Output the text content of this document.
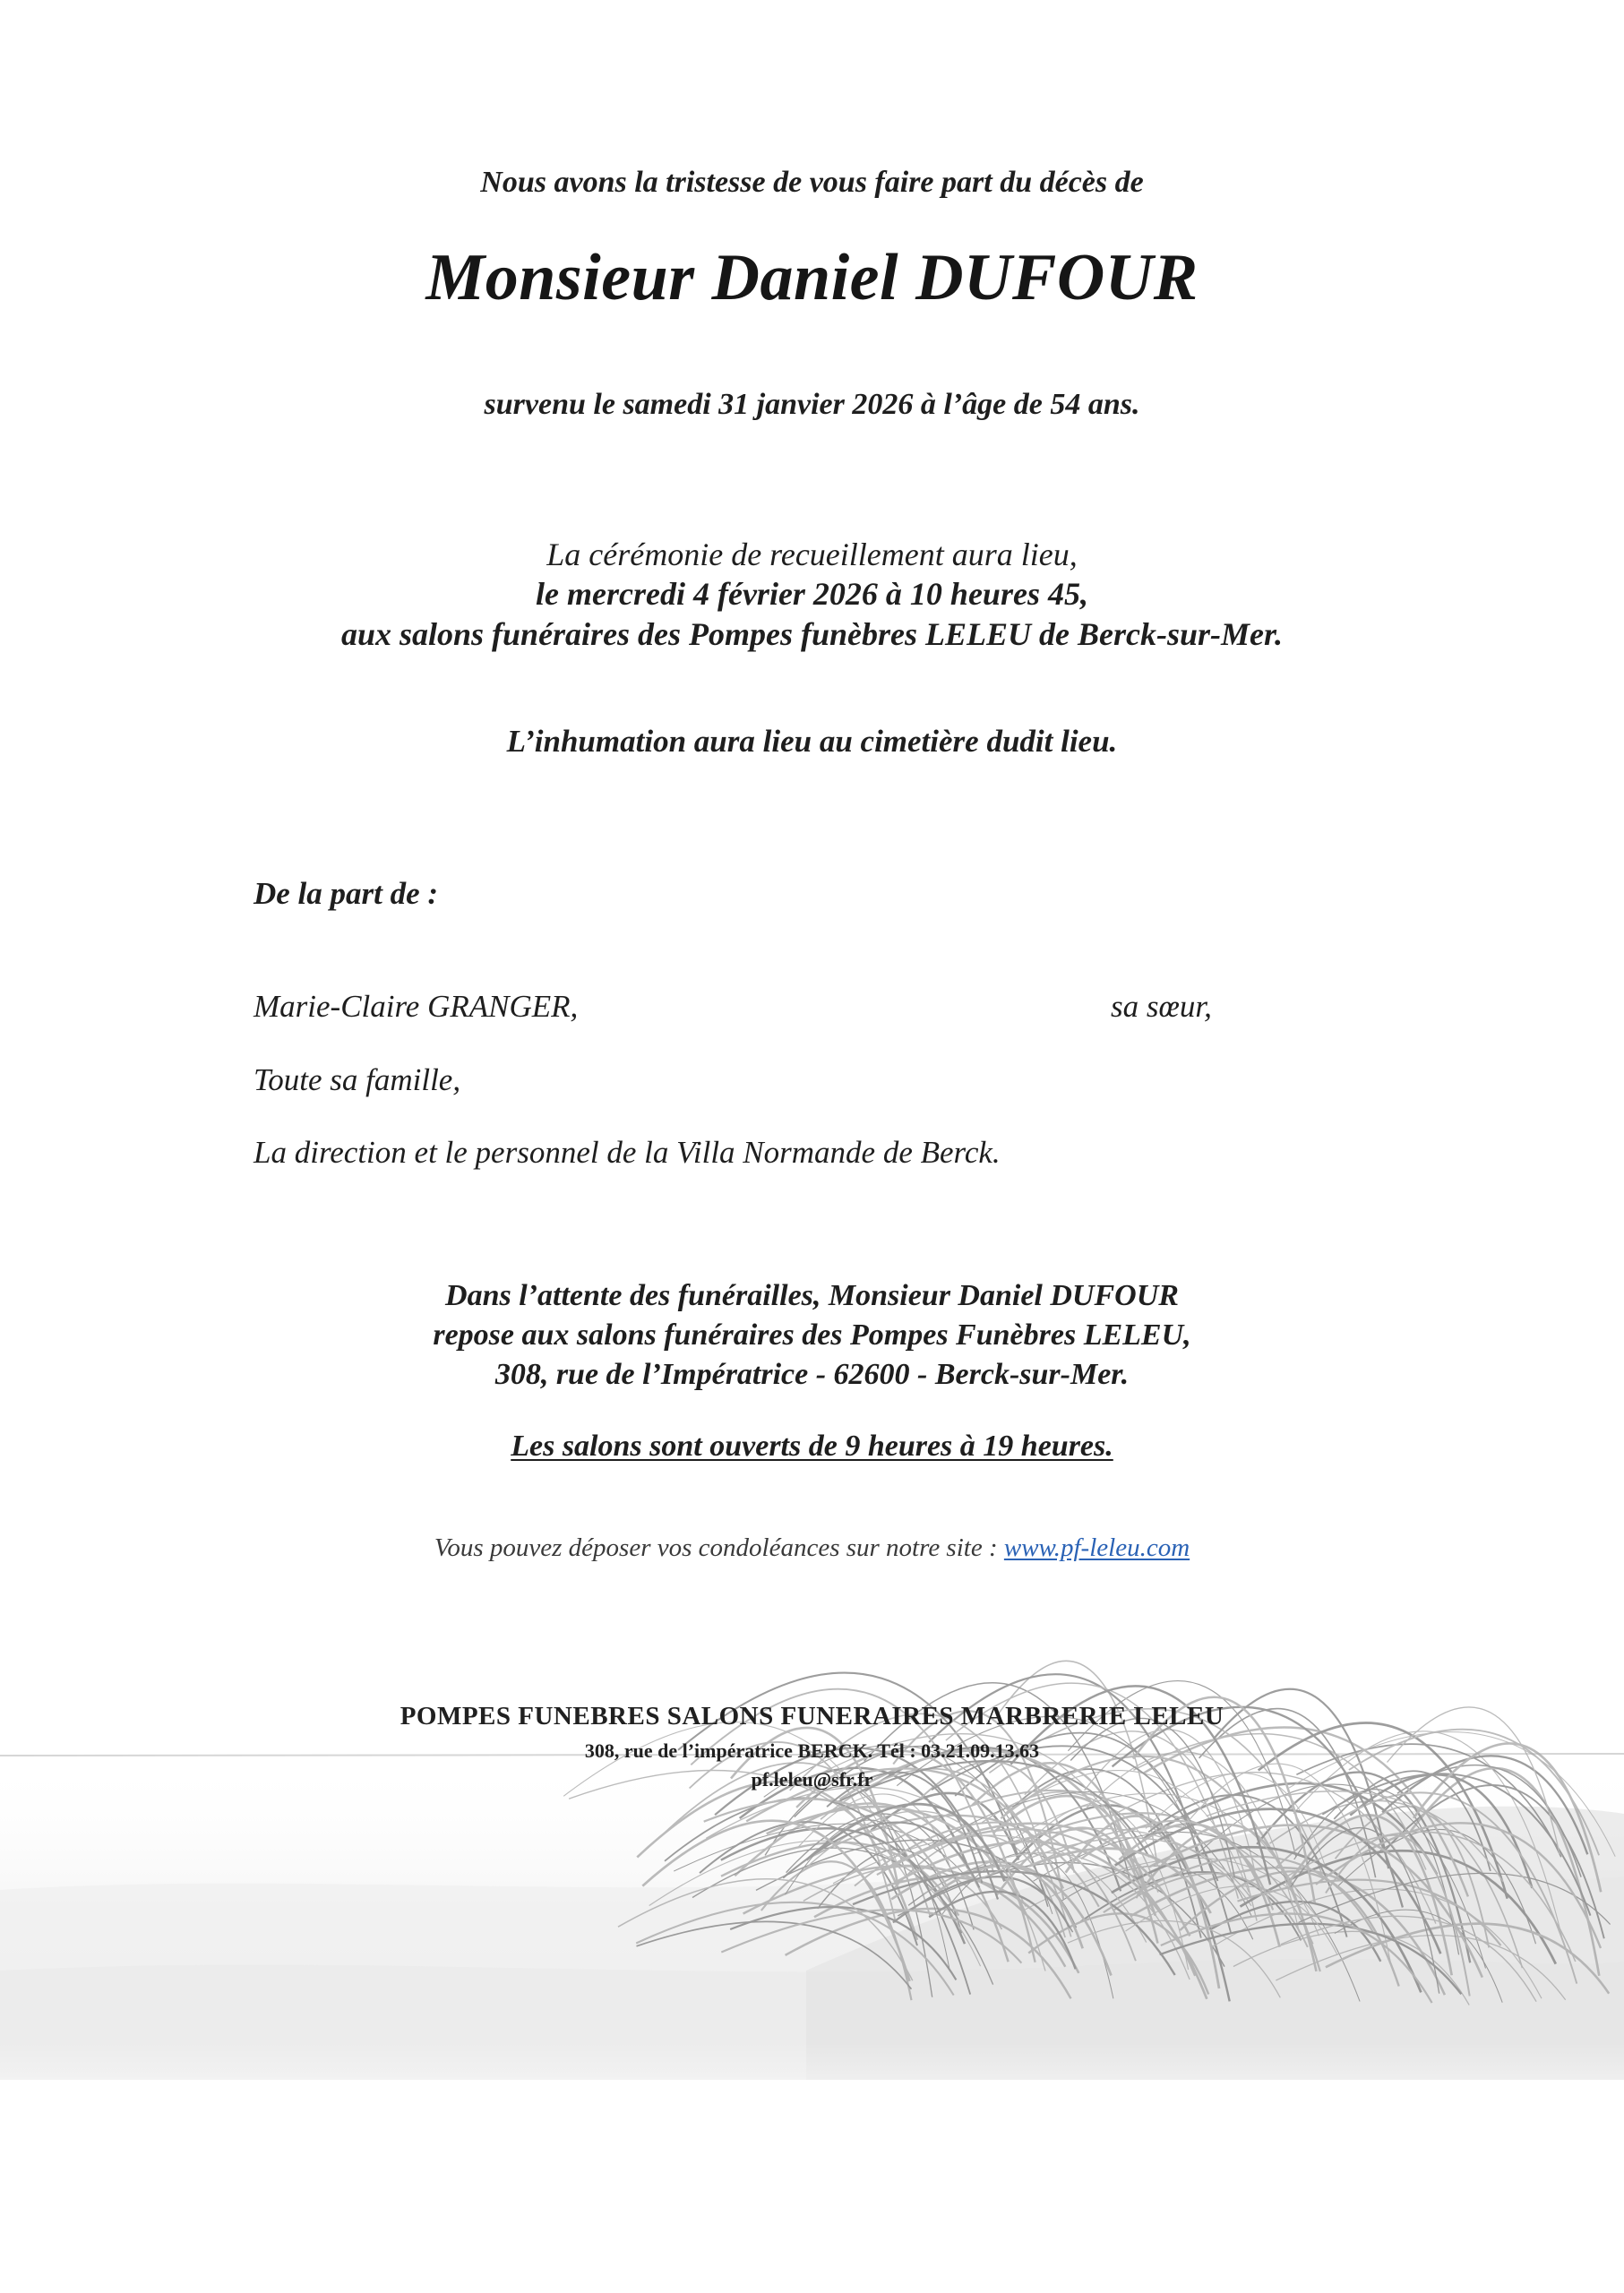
Nous avons la tristesse de vous faire part du décès de
Monsieur Daniel DUFOUR
survenu le samedi 31 janvier 2026 à l’âge de 54 ans.
La cérémonie de recueillement aura lieu,
le mercredi 4 février 2026 à 10 heures 45,
aux salons funéraires des Pompes funèbres LELEU de Berck-sur-Mer.
L’inhumation aura lieu au cimetière dudit lieu.
De la part de :
Marie-Claire GRANGER,	sa sœur,
Toute sa famille,
La direction et le personnel de la Villa Normande de Berck.
Dans l’attente des funérailles, Monsieur Daniel DUFOUR
repose aux salons funéraires des Pompes Funèbres LELEU,
308, rue de l’Impératrice - 62600 - Berck-sur-Mer.
Les salons sont ouverts de 9 heures à 19 heures.
Vous pouvez déposer vos condoléances sur notre site : www.pf-leleu.com
POMPES FUNEBRES SALONS FUNERAIRES MARBRERIE LELEU
308, rue de l’impératrice BERCK. Tél : 03.21.09.13.63
pf.leleu@sfr.fr
